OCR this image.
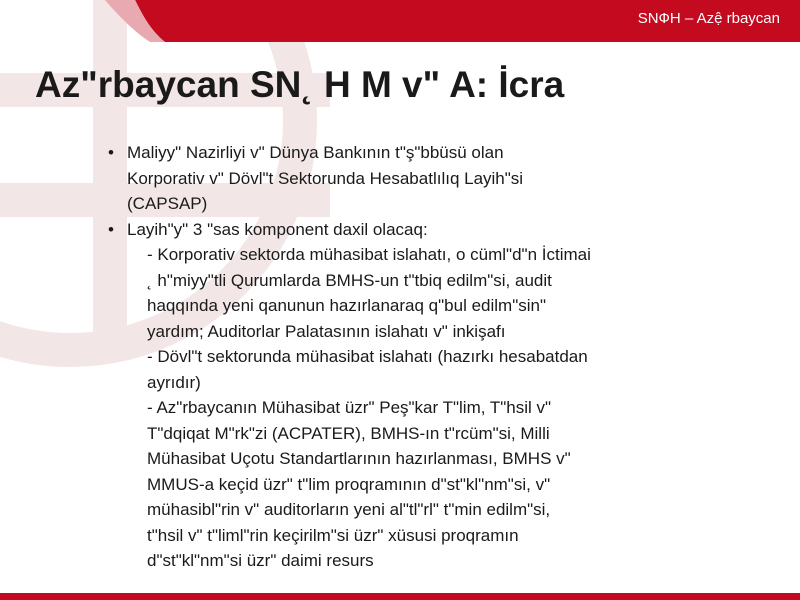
SNФH – Azệ rbaycan
Azʺrbaycan SN˛ H M vʺ A: İcra
• Maliyyʺ Nazirliyi vʺ Dünya Bankının tʺşʺbbüsü olan
Korporativ vʺ Dövlʺt Sektorunda Hesabatlılıq Layihʺsi
(CAPSAP)
• Layihʺyʺ 3 ʺsas komponent daxil olacaq:
- Korporativ sektorda mühasibat islahatı, o cümlʺdʺn İctimai
˛ hʺmiyyʺtli Qurumlarda BMHS-un tʺtbiq edilmʺsi, audit
haqqında yeni qanunun hazırlanaraq qʺbul edilmʺsinʺ
yardım; Auditorlar Palatasının islahatı vʺ inkişafı
- Dövlʺt sektorunda mühasibat islahatı (hazırkı hesabatdan
ayrıdır)
- Azʺrbaycanın Mühasibat üzrʺ Peşʺkar Tʺlim, Tʺhsil vʺ
Tʺdqiqat Mʺrkʺzi (ACPATER), BMHS-ın tʺrcümʺsi, Milli
Mühasibat Uçotu Standartlarının hazırlanması, BMHS vʺ
MMUS-a keçid üzrʺ tʺlim proqramının dʺstʺklʺnmʺsi, vʺ
mühasiblʺrin vʺ auditorların yeni alʺtlʺrlʺ tʺmin edilmʺsi,
tʺhsil vʺ tʺlimlʺrin keçirilmʺsi üzrʺ xüsusi proqramın
dʺstʺklʺnmʺsi üzrʺ daimi resurs
